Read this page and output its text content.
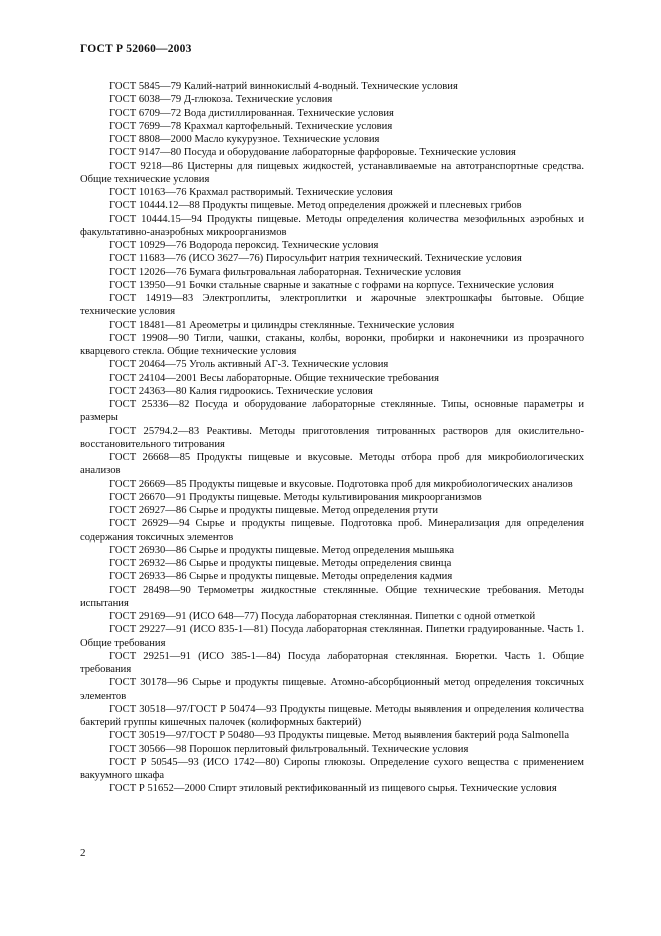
ГОСТ Р 52060—2003

ГОСТ 5845—79 Калий-натрий виннокислый 4-водный. Технические условия

ГОСТ 6038—79 Д-глюкоза. Технические условия

ГОСТ 6709—72 Вода дистиллированная. Технические условия

ГОСТ 7699—78 Крахмал картофельный. Технические условия

ГОСТ 8808—2000 Масло кукурузное. Технические условия

ГОСТ 9147—80 Посуда и оборудование лабораторные фарфоровые. Технические условия

ГОСТ 9218—86 Цистерны для пищевых жидкостей, устанавливаемые на автотранспортные средства. Общие технические условия

ГОСТ 10163—76 Крахмал растворимый. Технические условия

ГОСТ 10444.12—88 Продукты пищевые. Метод определения дрожжей и плесневых грибов

ГОСТ 10444.15—94 Продукты пищевые. Методы определения количества мезофильных аэробных и факультативно-анаэробных микроорганизмов

ГОСТ 10929—76 Водорода пероксид. Технические условия

ГОСТ 11683—76 (ИСО 3627—76) Пиросульфит натрия технический. Технические условия

ГОСТ 12026—76 Бумага фильтровальная лабораторная. Технические условия

ГОСТ 13950—91 Бочки стальные сварные и закатные с гофрами на корпусе. Технические условия

ГОСТ 14919—83 Электроплиты, электроплитки и жарочные электрошкафы бытовые. Общие технические условия

ГОСТ 18481—81 Ареометры и цилиндры стеклянные. Технические условия

ГОСТ 19908—90 Тигли, чашки, стаканы, колбы, воронки, пробирки и наконечники из прозрачного кварцевого стекла. Общие технические условия

ГОСТ 20464—75 Уголь активный АГ-3. Технические условия

ГОСТ 24104—2001 Весы лабораторные. Общие технические требования

ГОСТ 24363—80 Калия гидроокись. Технические условия

ГОСТ 25336—82 Посуда и оборудование лабораторные стеклянные. Типы, основные параметры и размеры

ГОСТ 25794.2—83 Реактивы. Методы приготовления титрованных растворов для окислительно-восстановительного титрования

ГОСТ 26668—85 Продукты пищевые и вкусовые. Методы отбора проб для микробиологических анализов

ГОСТ 26669—85 Продукты пищевые и вкусовые. Подготовка проб для микробиологических анализов

ГОСТ 26670—91 Продукты пищевые. Методы культивирования микроорганизмов

ГОСТ 26927—86 Сырье и продукты пищевые. Метод определения ртути

ГОСТ 26929—94 Сырье и продукты пищевые. Подготовка проб. Минерализация для определения содержания токсичных элементов

ГОСТ 26930—86 Сырье и продукты пищевые. Метод определения мышьяка

ГОСТ 26932—86 Сырье и продукты пищевые. Методы определения свинца

ГОСТ 26933—86 Сырье и продукты пищевые. Методы определения кадмия

ГОСТ 28498—90 Термометры жидкостные стеклянные. Общие технические требования. Методы испытания

ГОСТ 29169—91 (ИСО 648—77) Посуда лабораторная стеклянная. Пипетки с одной отметкой

ГОСТ 29227—91 (ИСО 835-1—81) Посуда лабораторная стеклянная. Пипетки градуированные. Часть 1. Общие требования

ГОСТ 29251—91 (ИСО 385-1—84) Посуда лабораторная стеклянная. Бюретки. Часть 1. Общие требования

ГОСТ 30178—96 Сырье и продукты пищевые. Атомно-абсорбционный метод определения токсичных элементов

ГОСТ 30518—97/ГОСТ Р 50474—93 Продукты пищевые. Методы выявления и определения количества бактерий группы кишечных палочек (колиформных бактерий)

ГОСТ 30519—97/ГОСТ Р 50480—93 Продукты пищевые. Метод выявления бактерий рода Salmonella

ГОСТ 30566—98 Порошок перлитовый фильтровальный. Технические условия

ГОСТ Р 50545—93 (ИСО 1742—80) Сиропы глюкозы. Определение сухого вещества с применением вакуумного шкафа

ГОСТ Р 51652—2000 Спирт этиловый ректификованный из пищевого сырья. Технические условия

2
